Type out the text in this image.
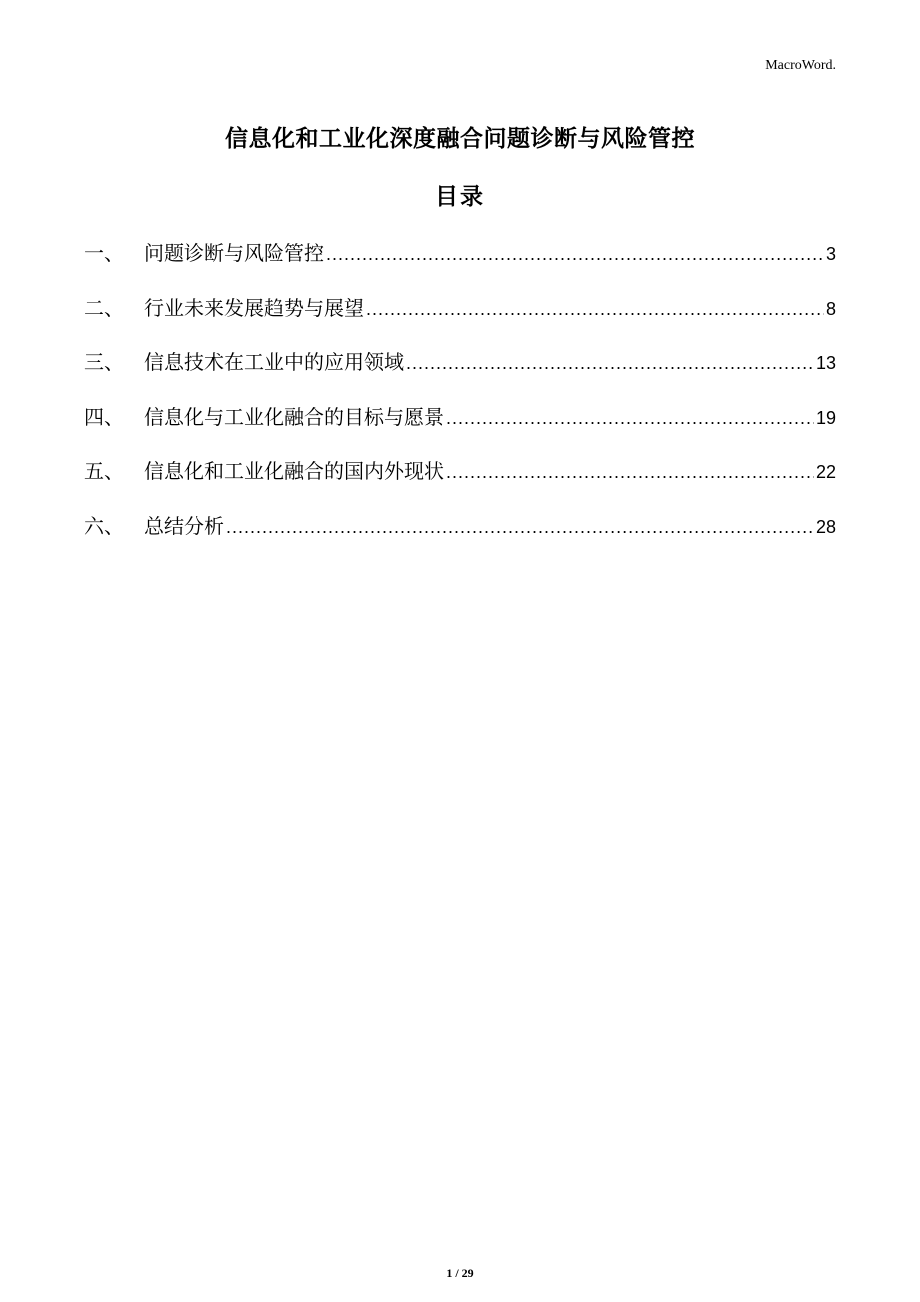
MacroWord.
信息化和工业化深度融合问题诊断与风险管控
目录
一、	问题诊断与风险管控 .....	3
二、	行业未来发展趋势与展望 .....	8
三、	信息技术在工业中的应用领域 .....	13
四、	信息化与工业化融合的目标与愿景 .....	19
五、	信息化和工业化融合的国内外现状 .....	22
六、	总结分析 .....	28
1 / 29
